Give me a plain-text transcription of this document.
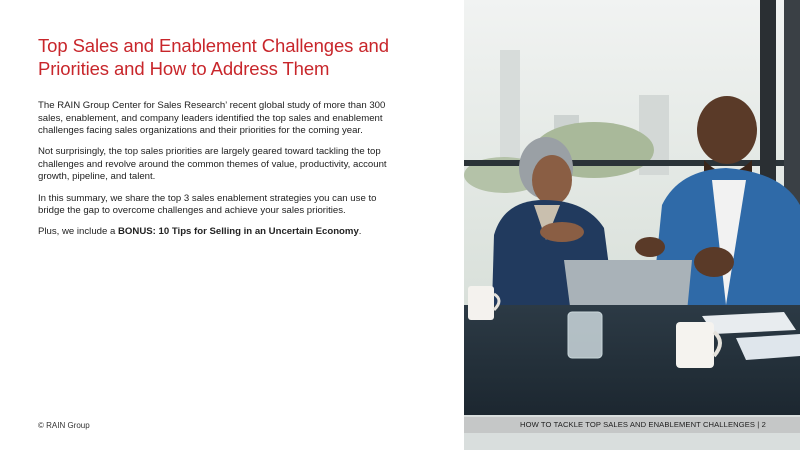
Top Sales and Enablement Challenges and Priorities and How to Address Them

The RAIN Group Center for Sales Research’ recent global study of more than 300 sales, enablement, and company leaders identified the top sales and enablement challenges facing sales organizations and their priorities for the coming year.

Not surprisingly, the top sales priorities are largely geared toward tackling the top challenges and revolve around the common themes of value, productivity, account growth, pipeline, and talent.

In this summary, we share the top 3 sales enablement strategies you can use to bridge the gap to overcome challenges and achieve your sales priorities.

Plus, we include a BONUS: 10 Tips for Selling in an Uncertain Economy.

© RAIN Group	HOW TO TACKLE TOP SALES AND ENABLEMENT CHALLENGES | 2
